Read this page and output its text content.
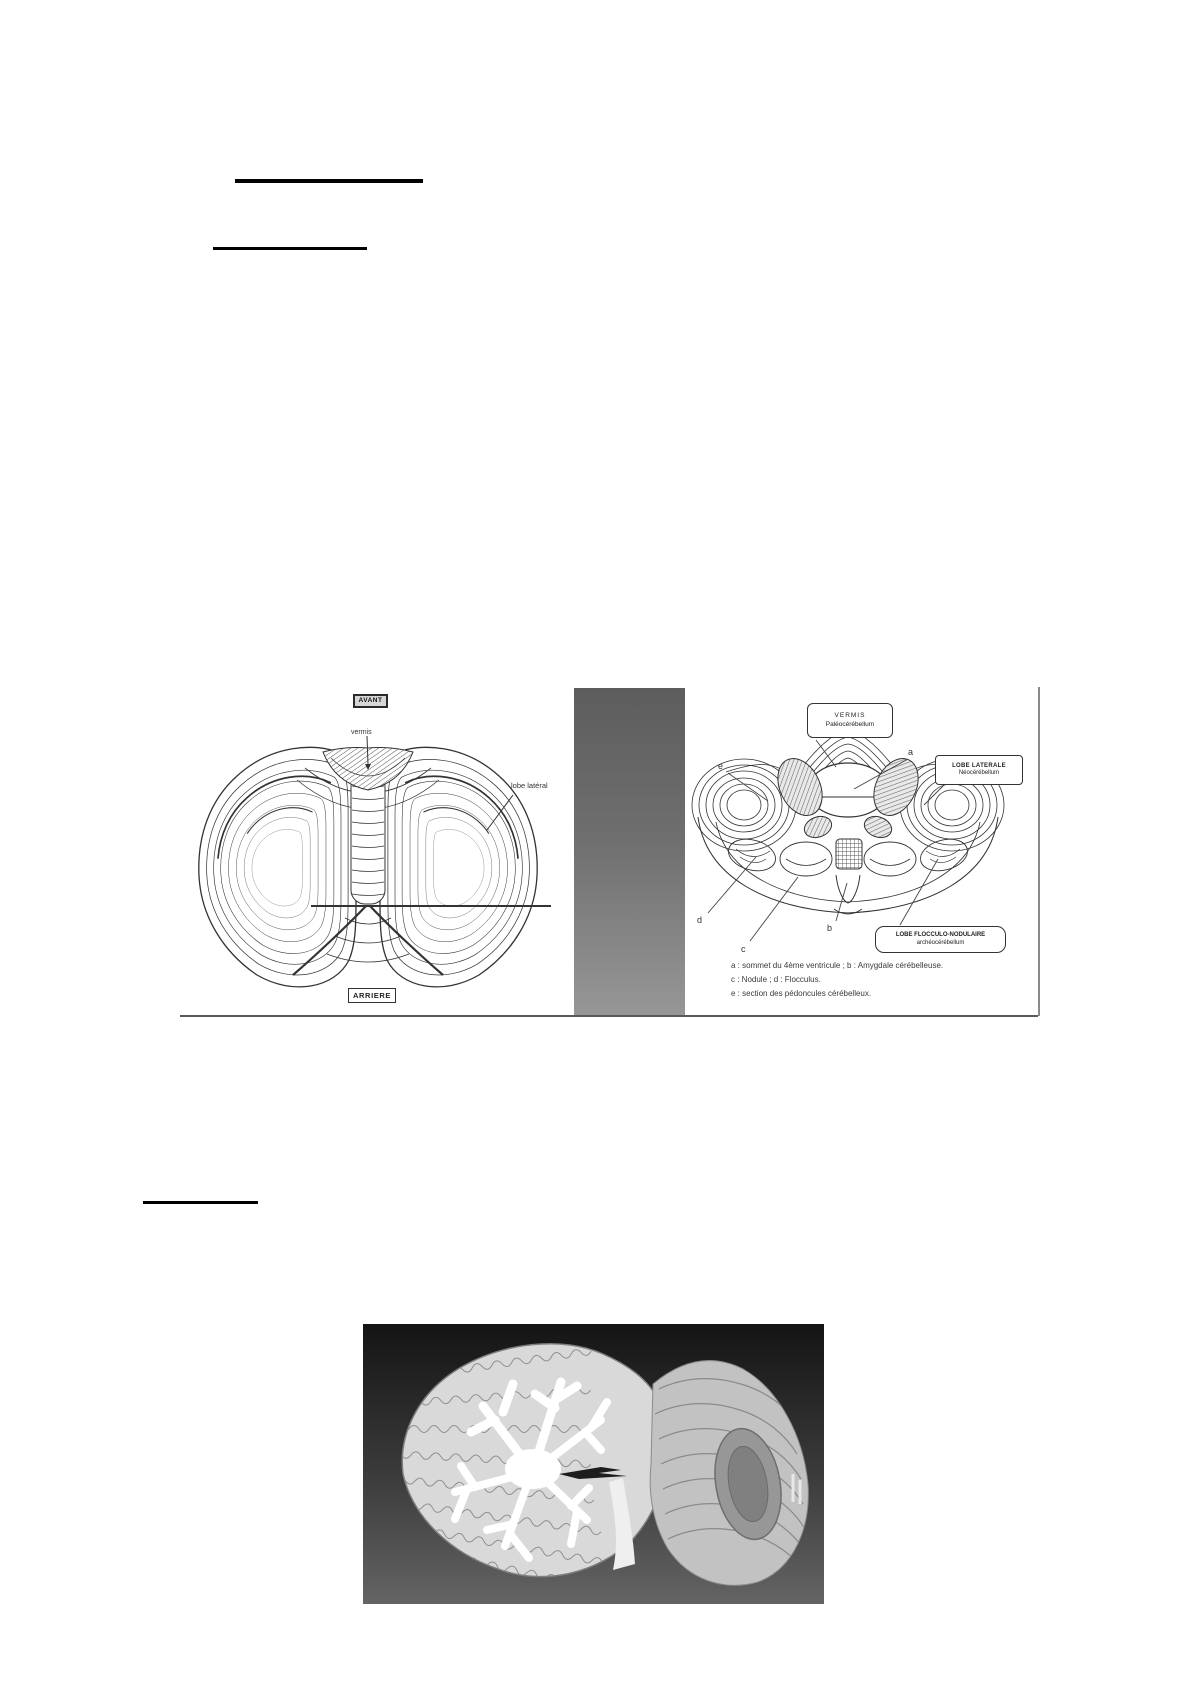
AVANT
ARRIERE
vermis
lobe latéral
VERMIS
Paléocérébellum
LOBE LATERALE
Néocérébellum
LOBE FLOCCULO-NODULAIRE
archéocérébellum
a
e
d
c
b
a : sommet du 4ème ventricule ; b : Amygdale cérébelleuse.
c : Nodule ; d : Flocculus.
e : section des pédoncules cérébelleux.
